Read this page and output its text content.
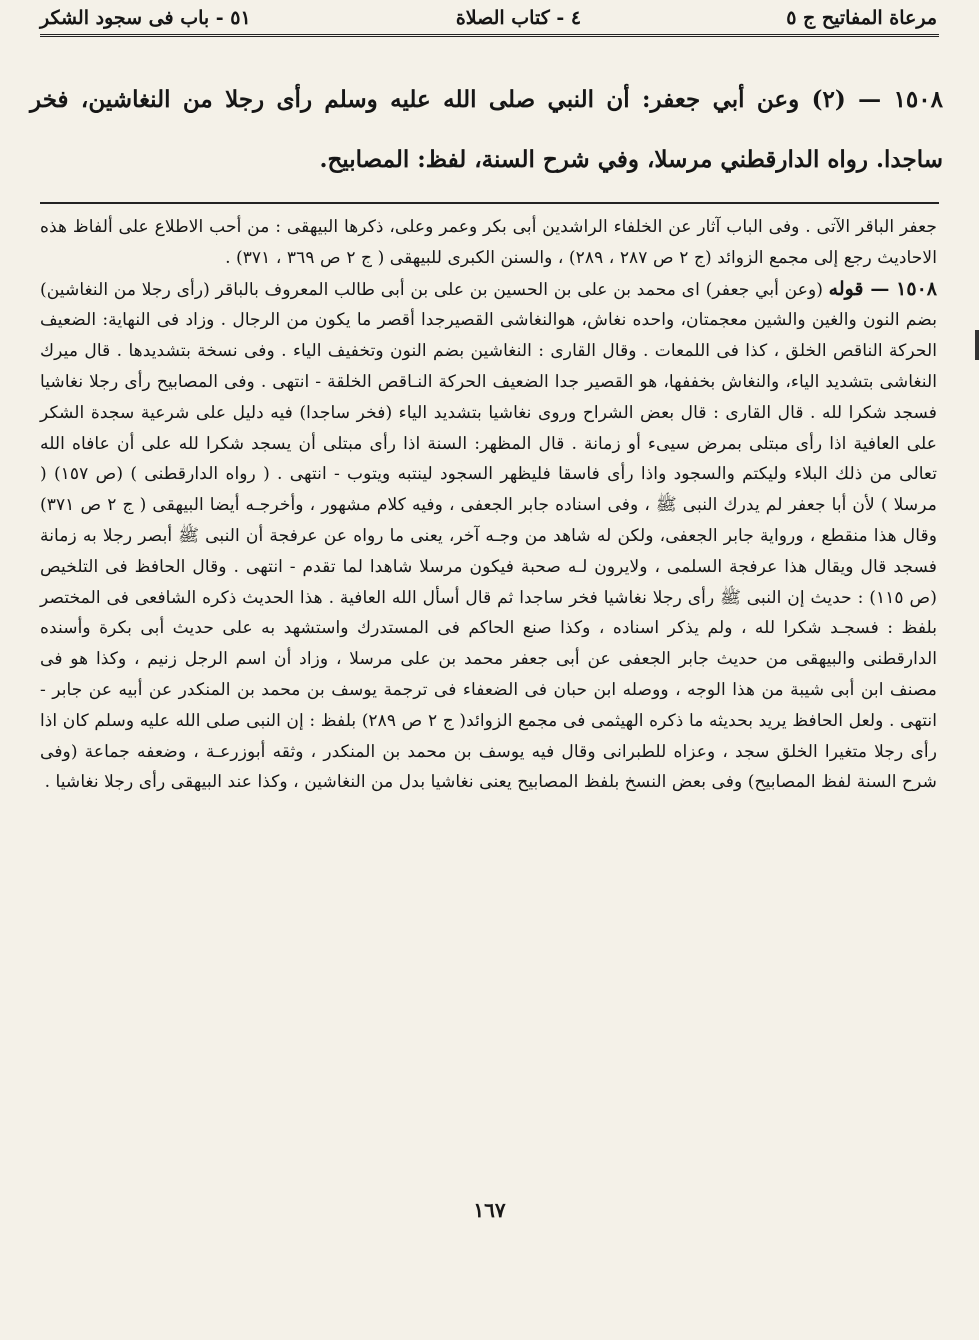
مرعاة المفاتيح ج ٥
٤ - كتاب الصلاة
٥١ - باب فى سجود الشكر
١٥٠٨ — (٢) وعن أبي جعفر: أن النبي صلى الله عليه وسلم رأى رجلا من النغاشين، فخر ساجدا. رواه الدارقطني مرسلا، وفي شرح السنة، لفظ: المصابيح.

جعفر الباقر الآتى . وفى الباب آثار عن الخلفاء الراشدين أبى بكر وعمر وعلى، ذكرها البيهقى : من أحب الاطلاع على ألفاظ هذه الاحاديث رجع إلى مجمع الزوائد (ج ٢ ص ٢٨٧ ، ٢٨٩) ، والسنن الكبرى للبيهقى ( ج ٢ ص ٣٦٩ ، ٣٧١) .

١٥٠٨ — قوله (وعن أبي جعفر) اى محمد بن على بن الحسين بن على بن أبى طالب المعروف بالباقر (رأى رجلا من النغاشين) بضم النون والغين والشين معجمتان، واحده نغاش، هوالنغاشى القصيرجدا أقصر ما يكون من الرجال . وزاد فى النهاية: الضعيف الحركة الناقص الخلق ، كذا فى اللمعات . وقال القارى : النغاشين بضم النون وتخفيف الياء . وفى نسخة بتشديدها . قال ميرك النغاشى بتشديد الياء، والنغاش بخففها، هو القصير جدا الضعيف الحركة النـاقص الخلقة - انتهى . وفى المصابيح رأى رجلا نغاشيا فسجد شكرا لله . قال القارى : قال بعض الشراح وروى نغاشيا بتشديد الياء (فخر ساجدا) فيه دليل على شرعية سجدة الشكر على العافية اذا رأى مبتلى بمرض سيىء أو زمانة . قال المظهر: السنة اذا رأى مبتلى أن يسجد شكرا لله على أن عافاه الله تعالى من ذلك البلاء وليكتم والسجود واذا رأى فاسقا فليظهر السجود لينتبه ويتوب - انتهى . ( رواه الدارقطنى ) (ص ١٥٧) ( مرسلا ) لأن أبا جعفر لم يدرك النبى ﷺ ، وفى اسناده جابر الجعفى ، وفيه كلام مشهور ، وأخرجـه أيضا البيهقى ( ج ٢ ص ٣٧١) وقال هذا منقطع ، ورواية جابر الجعفى، ولكن له شاهد من وجـه آخر، يعنى ما رواه عن عرفجة أن النبى ﷺ أبصر رجلا به زمانة فسجد قال ويقال هذا عرفجة السلمى ، ولايرون لـه صحبة فيكون مرسلا شاهدا لما تقدم - انتهى . وقال الحافظ فى التلخيص (ص ١١٥) : حديث إن النبى ﷺ رأى رجلا نغاشيا فخر ساجدا ثم قال أسأل الله العافية . هذا الحديث ذكره الشافعى فى المختصر بلفظ : فسجـد شكرا لله ، ولم يذكر اسناده ، وكذا صنع الحاكم فى المستدرك واستشهد به على حديث أبى بكرة وأسنده الدارقطنى والبيهقى من حديث جابر الجعفى عن أبى جعفر محمد بن على مرسلا ، وزاد أن اسم الرجل زنيم ، وكذا هو فى مصنف ابن أبى شيبة من هذا الوجه ، ووصله ابن حبان فى الضعفاء فى ترجمة يوسف بن محمد بن المنكدر عن أبيه عن جابر - انتهى . ولعل الحافظ يريد بحديثه ما ذكره الهيثمى فى مجمع الزوائد( ج ٢ ص ٢٨٩) بلفظ : إن النبى صلى الله عليه وسلم كان اذا رأى رجلا متغيرا الخلق سجد ، وعزاه للطبرانى وقال فيه يوسف بن محمد بن المنكدر ، وثقه أبوزرعـة ، وضعفه جماعة (وفى شرح السنة لفظ المصابيح) وفى بعض النسخ بلفظ المصابيح يعنى نغاشيا بدل من النغاشين ، وكذا عند البيهقى رأى رجلا نغاشيا .

١٦٧
